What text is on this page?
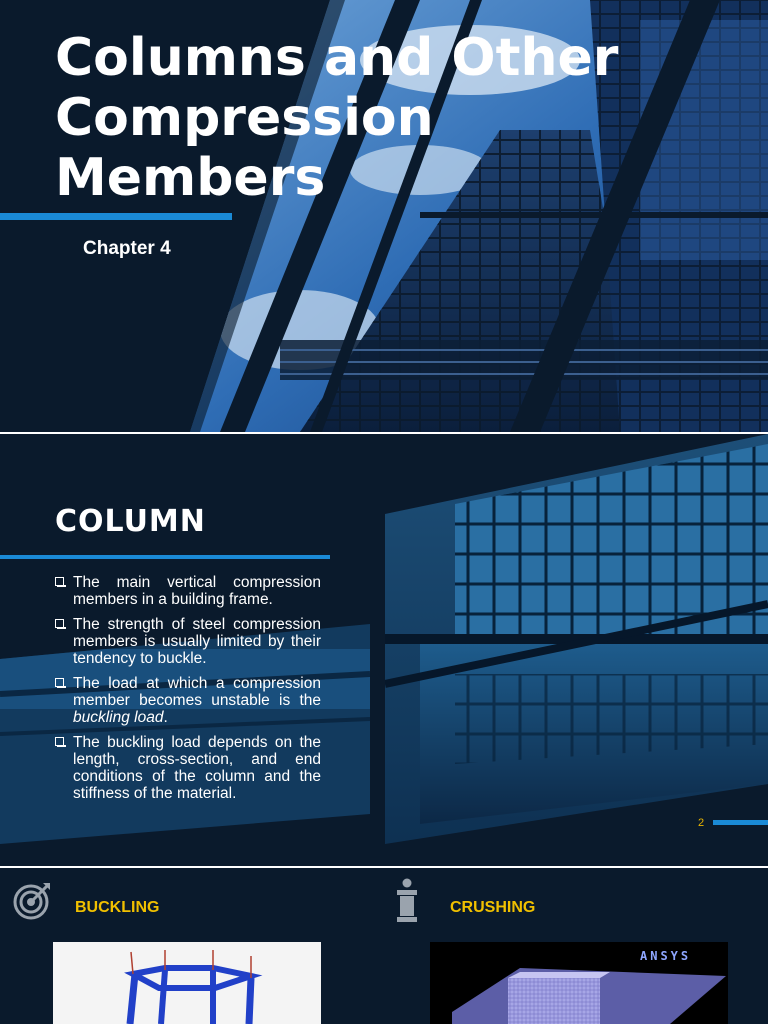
Columns and Other
Compression
Members
Chapter 4
COLUMN
The main vertical compression members in a building frame.
The strength of steel compression members is usually limited by their tendency to buckle.
The load at which a compression member becomes unstable is the buckling load.
The buckling load depends on the length, cross-section, and end conditions of the column and the stiffness of the material.
2
BUCKLING	CRUSHING
ANSYS
